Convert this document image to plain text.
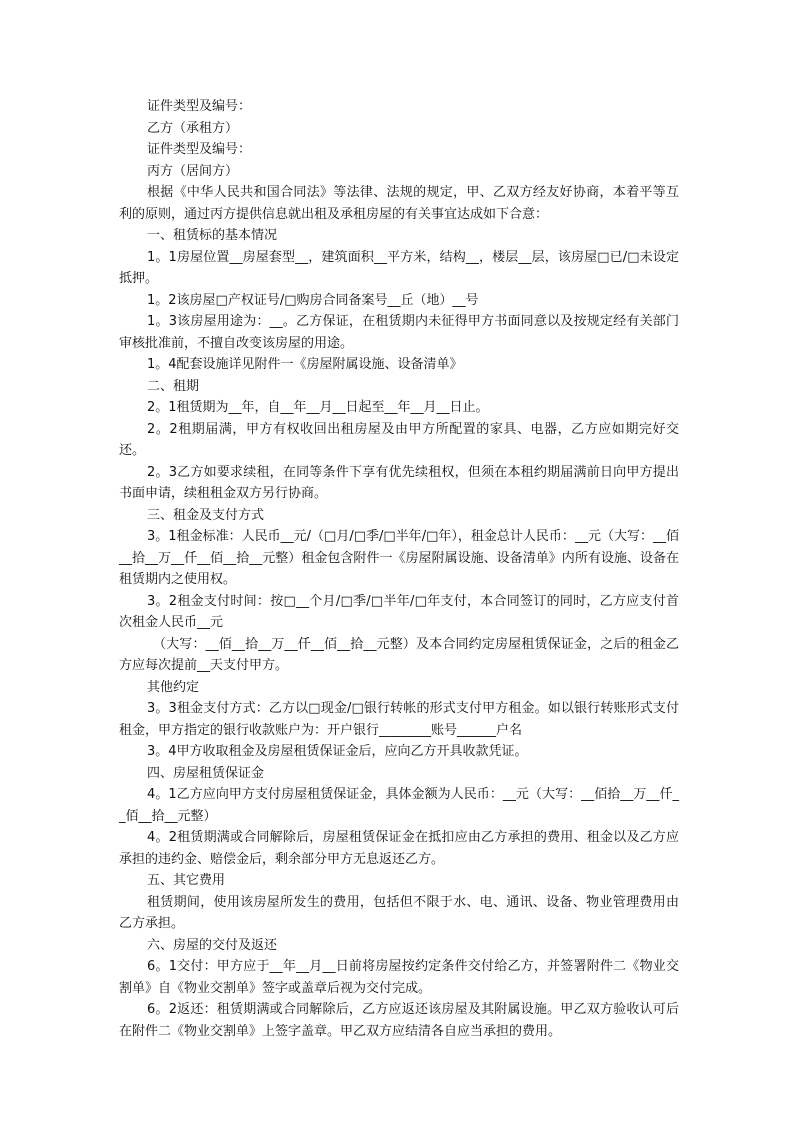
证件类型及编号：

乙方（承租方）

证件类型及编号：

丙方（居间方）

根据《中华人民共和国合同法》等法律、法规的规定，甲、乙双方经友好协商，本着平等互利的原则，通过丙方提供信息就出租及承租房屋的有关事宜达成如下合意：

一、租赁标的基本情况

1。1房屋位置__房屋套型__，建筑面积__平方米，结构__，楼层__层，该房屋□已/□未设定抵押。

1。2该房屋□产权证号/□购房合同备案号__丘（地）__号

1。3该房屋用途为：__。乙方保证，在租赁期内未征得甲方书面同意以及按规定经有关部门审核批准前，不擅自改变该房屋的用途。

1。4配套设施详见附件一《房屋附属设施、设备清单》

二、租期

2。1租赁期为__年，自__年__月__日起至__年__月__日止。

2。2租期届满，甲方有权收回出租房屋及由甲方所配置的家具、电器，乙方应如期完好交还。

2。3乙方如要求续租，在同等条件下享有优先续租权，但须在本租约期届满前日向甲方提出书面申请，续租租金双方另行协商。

三、租金及支付方式

3。1租金标准：人民币__元/（□月/□季/□半年/□年），租金总计人民币：__元（大写：__佰__拾__万__仟__佰__拾__元整）租金包含附件一《房屋附属设施、设备清单》内所有设施、设备在租赁期内之使用权。

3。2租金支付时间：按□__个月/□季/□半年/□年支付，本合同签订的同时，乙方应支付首次租金人民币__元

（大写：__佰__拾__万__仟__佰__拾__元整）及本合同约定房屋租赁保证金，之后的租金乙方应每次提前__天支付甲方。

其他约定

3。3租金支付方式：乙方以□现金/□银行转帐的形式支付甲方租金。如以银行转账形式支付租金，甲方指定的银行收款账户为：开户银行________账号______户名

3。4甲方收取租金及房屋租赁保证金后，应向乙方开具收款凭证。

四、房屋租赁保证金

4。1乙方应向甲方支付房屋租赁保证金，具体金额为人民币：__元（大写：__佰拾__万__仟__佰__拾__元整）

4。2租赁期满或合同解除后，房屋租赁保证金在抵扣应由乙方承担的费用、租金以及乙方应承担的违约金、赔偿金后，剩余部分甲方无息返还乙方。

五、其它费用

租赁期间，使用该房屋所发生的费用，包括但不限于水、电、通讯、设备、物业管理费用由乙方承担。

六、房屋的交付及返还

6。1交付：甲方应于__年__月__日前将房屋按约定条件交付给乙方，并签署附件二《物业交割单》自《物业交割单》签字或盖章后视为交付完成。

6。2返还：租赁期满或合同解除后，乙方应返还该房屋及其附属设施。甲乙双方验收认可后在附件二《物业交割单》上签字盖章。甲乙双方应结清各自应当承担的费用。
